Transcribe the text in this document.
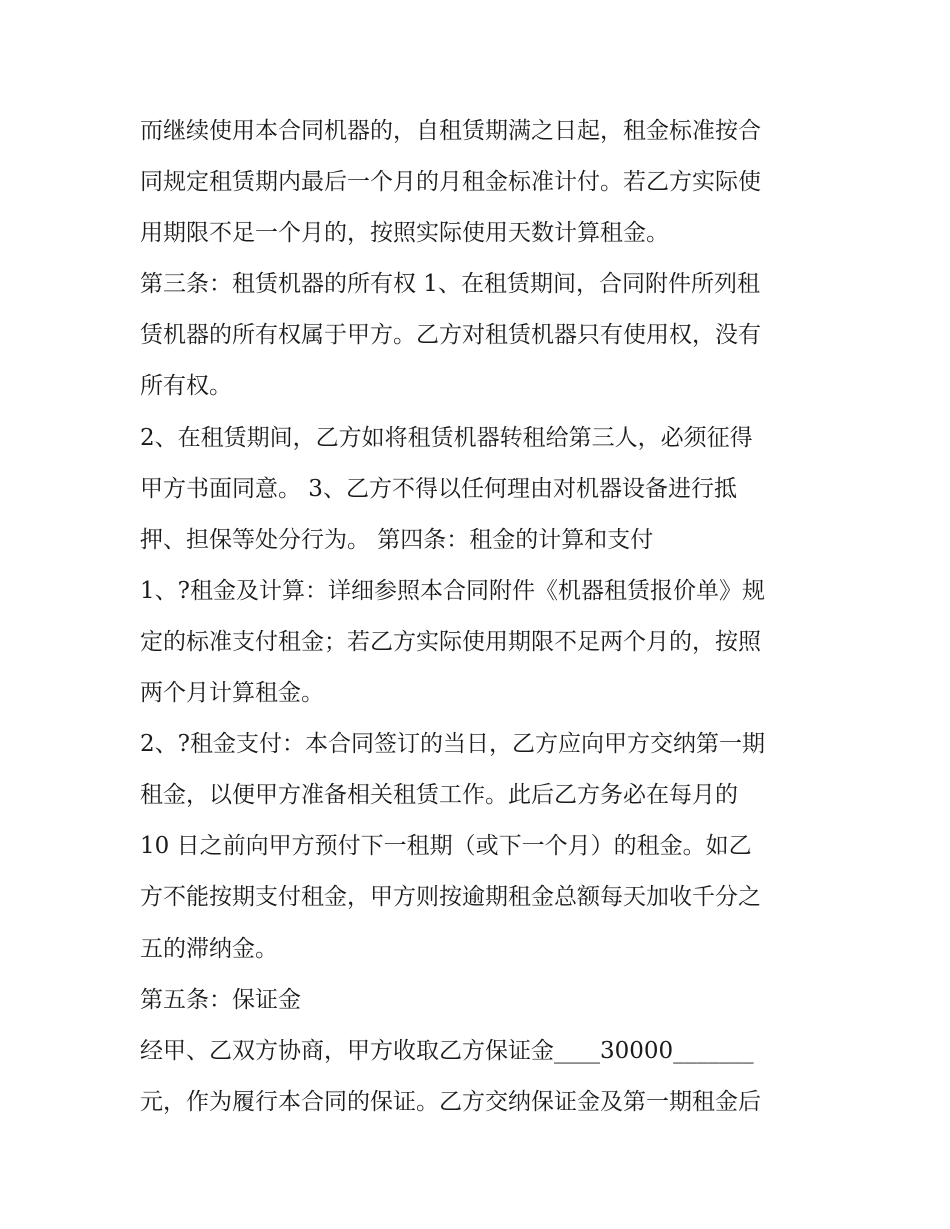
而继续使用本合同机器的，自租赁期满之日起，租金标准按合
同规定租赁期内最后一个月的月租金标准计付。若乙方实际使
用期限不足一个月的，按照实际使用天数计算租金。
第三条：租赁机器的所有权 1、在租赁期间，合同附件所列租
赁机器的所有权属于甲方。乙方对租赁机器只有使用权，没有
所有权。
2、在租赁期间，乙方如将租赁机器转租给第三人，必须征得
甲方书面同意。 3、乙方不得以任何理由对机器设备进行抵
押、担保等处分行为。 第四条：租金的计算和支付
1、?租金及计算：详细参照本合同附件《机器租赁报价单》规
定的标准支付租金；若乙方实际使用期限不足两个月的，按照
两个月计算租金。
2、?租金支付：本合同签订的当日，乙方应向甲方交纳第一期
租金，以便甲方准备相关租赁工作。此后乙方务必在每月的
10 日之前向甲方预付下一租期（或下一个月）的租金。如乙
方不能按期支付租金，甲方则按逾期租金总额每天加收千分之
五的滞纳金。
第五条：保证金
经甲、乙双方协商，甲方收取乙方保证金____30000_______
元，作为履行本合同的保证。乙方交纳保证金及第一期租金后
